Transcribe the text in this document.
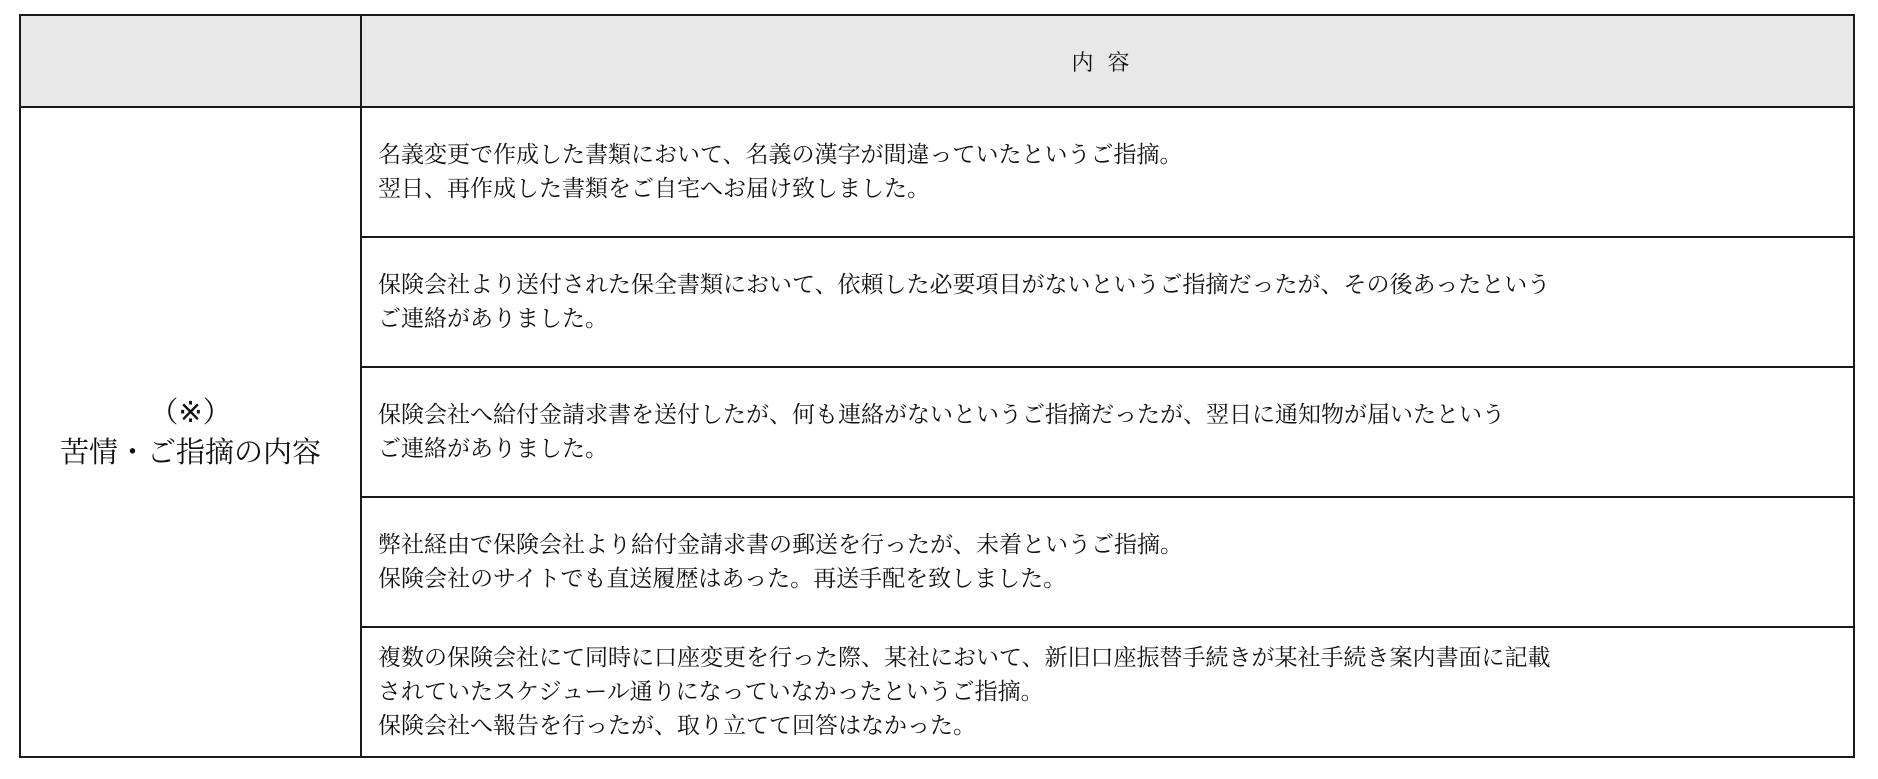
	内容

（※）
苦情・ご指摘の内容	名義変更で作成した書類において、名義の漢字が間違っていたというご指摘。
翌日、再作成した書類をご自宅へお届け致しました。

	保険会社より送付された保全書類において、依頼した必要項目がないというご指摘だったが、その後あったという
ご連絡がありました。

	保険会社へ給付金請求書を送付したが、何も連絡がないというご指摘だったが、翌日に通知物が届いたという
ご連絡がありました。

	弊社経由で保険会社より給付金請求書の郵送を行ったが、未着というご指摘。
保険会社のサイトでも直送履歴はあった。再送手配を致しました。

	複数の保険会社にて同時に口座変更を行った際、某社において、新旧口座振替手続きが某社手続き案内書面に記載
されていたスケジュール通りになっていなかったというご指摘。
保険会社へ報告を行ったが、取り立てて回答はなかった。
